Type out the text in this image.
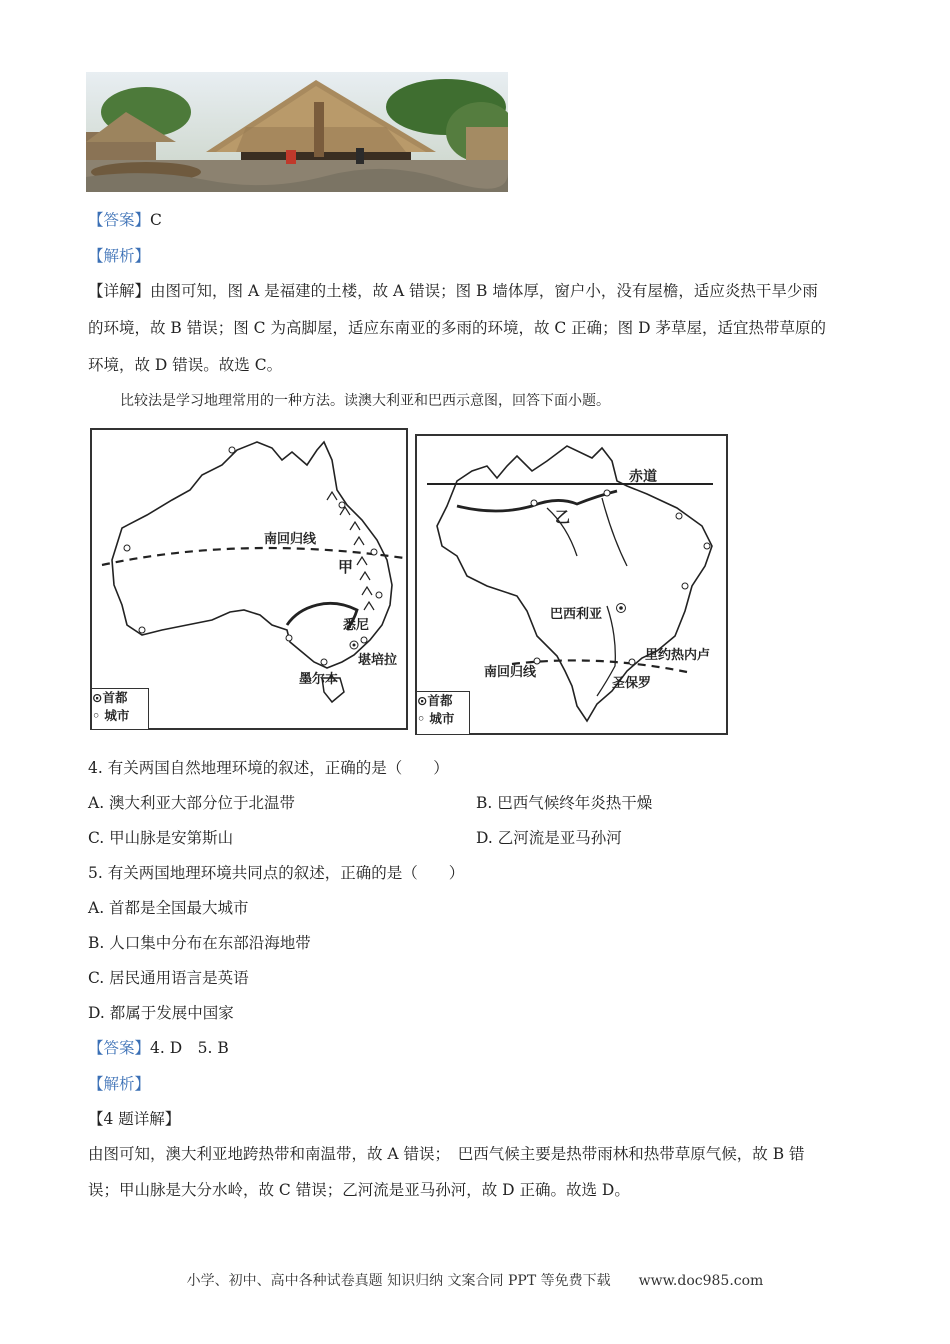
【答案】C
【解析】
【详解】由图可知，图 A 是福建的土楼，故 A 错误；图 B 墙体厚，窗户小，没有屋檐，适应炎热干旱少雨
的环境，故 B 错误；图 C 为高脚屋，适应东南亚的多雨的环境，故 C 正确；图 D 茅草屋，适宜热带草原的
环境，故 D 错误。故选 C。
比较法是学习地理常用的一种方法。读澳大利亚和巴西示意图，回答下面小题。
南回归线
甲
悉尼
堪培拉
墨尔本
⊙首都
◦ 城市
赤道
乙
巴西利亚
南回归线
里约热内卢
圣保罗
⊙首都
◦ 城市
4. 有关两国自然地理环境的叙述，正确的是（　　）
A. 澳大利亚大部分位于北温带	B. 巴西气候终年炎热干燥
C. 甲山脉是安第斯山	D. 乙河流是亚马孙河
5. 有关两国地理环境共同点的叙述，正确的是（　　）
A. 首都是全国最大城市
B. 人口集中分布在东部沿海地带
C. 居民通用语言是英语
D. 都属于发展中国家
【答案】4. D　5. B
【解析】
【4 题详解】
由图可知，澳大利亚地跨热带和南温带，故 A 错误；　巴西气候主要是热带雨林和热带草原气候，故 B 错
误；甲山脉是大分水岭，故 C 错误；乙河流是亚马孙河，故 D 正确。故选 D。
小学、初中、高中各种试卷真题 知识归纳 文案合同 PPT 等免费下载　　www.doc985.com
